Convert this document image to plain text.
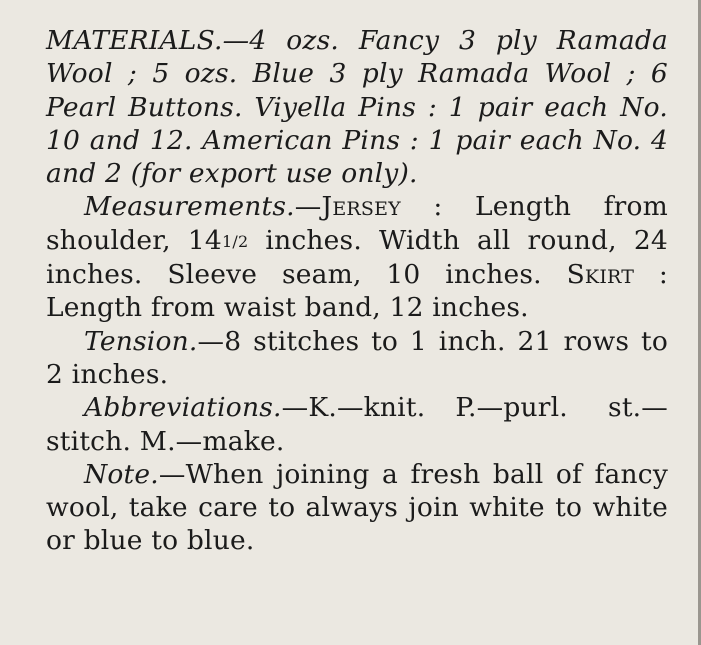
MATERIALS.—4 ozs. Fancy 3 ply Ramada Wool ; 5 ozs. Blue 3 ply Ramada Wool ; 6 Pearl Buttons. Viyella Pins : 1 pair each No. 10 and 12. American Pins : 1 pair each No. 4 and 2 (for export use only).

Measurements.—Jersey : Length from shoulder, 141/2 inches. Width all round, 24 inches. Sleeve seam, 10 inches. Skirt : Length from waist band, 12 inches.

Tension.—8 stitches to 1 inch. 21 rows to 2 inches.

Abbreviations.—K.—knit. P.—purl. st.—stitch. M.—make.

Note.—When joining a fresh ball of fancy wool, take care to always join white to white or blue to blue.
